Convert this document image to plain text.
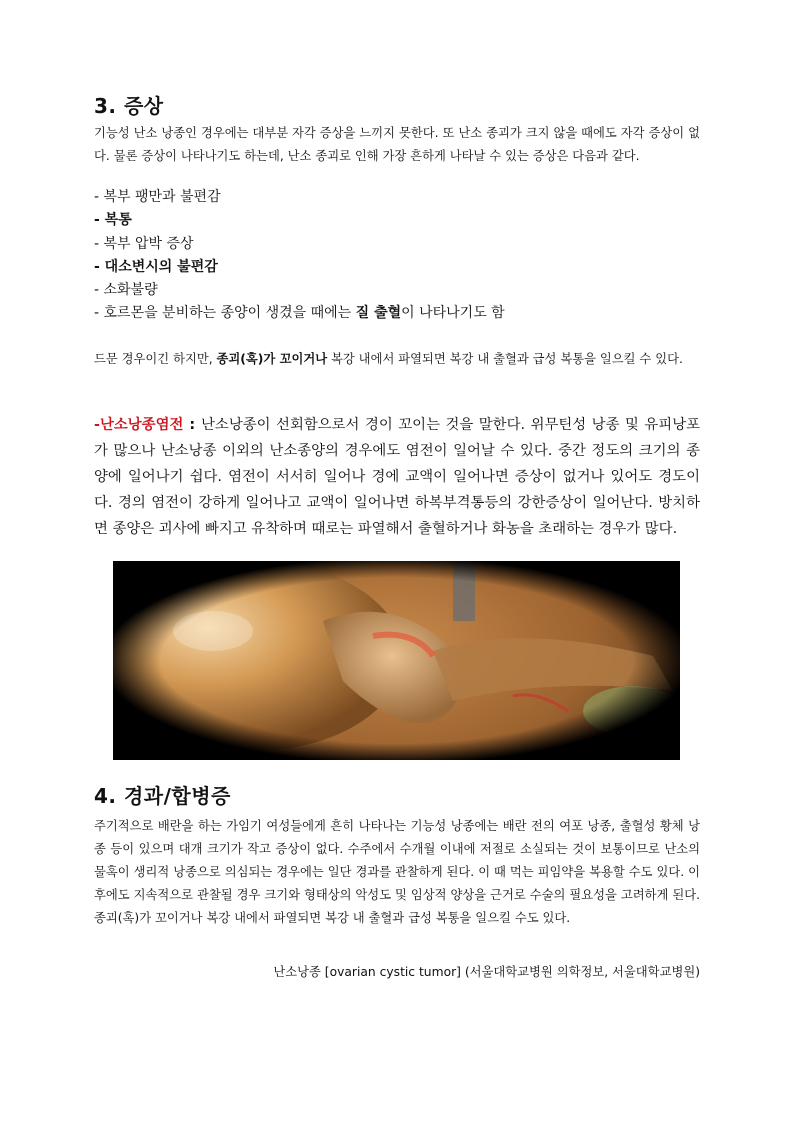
3. 증상

기능성 난소 낭종인 경우에는 대부분 자각 증상을 느끼지 못한다. 또 난소 종괴가 크지 않을 때에도 자각 증상이 없다. 물론 증상이 나타나기도 하는데, 난소 종괴로 인해 가장 흔하게 나타날 수 있는 증상은 다음과 같다.

- 복부 팽만과 불편감
- 복통
- 복부 압박 증상
- 대소변시의 불편감
- 소화불량
- 호르몬을 분비하는 종양이 생겼을 때에는 질 출혈이 나타나기도 함

드문 경우이긴 하지만, 종괴(혹)가 꼬이거나 복강 내에서 파열되면 복강 내 출혈과 급성 복통을 일으킬 수 있다.

-난소낭종염전 : 난소낭종이 선회함으로서 경이 꼬이는 것을 말한다. 위무틴성 낭종 및 유피낭포가 많으나 난소낭종 이외의 난소종양의 경우에도 염전이 일어날 수 있다. 중간 정도의 크기의 종양에 일어나기 쉽다. 염전이 서서히 일어나 경에 교액이 일어나면 증상이 없거나 있어도 경도이다. 경의 염전이 강하게 일어나고 교액이 일어나면 하복부격통등의 강한증상이 일어난다. 방치하면 종양은 괴사에 빠지고 유착하며 때로는 파열해서 출혈하거나 화농을 초래하는 경우가 많다.

4. 경과/합병증

주기적으로 배란을 하는 가임기 여성들에게 흔히 나타나는 기능성 낭종에는 배란 전의 여포 낭종, 출혈성 황체 낭종 등이 있으며 대개 크기가 작고 증상이 없다. 수주에서 수개월 이내에 저절로 소실되는 것이 보통이므로 난소의 물혹이 생리적 낭종으로 의심되는 경우에는 일단 경과를 관찰하게 된다. 이 때 먹는 피임약을 복용할 수도 있다. 이후에도 지속적으로 관찰될 경우 크기와 형태상의 악성도 및 임상적 양상을 근거로 수술의 필요성을 고려하게 된다. 종괴(혹)가 꼬이거나 복강 내에서 파열되면 복강 내 출혈과 급성 복통을 일으킬 수도 있다.

난소낭종 [ovarian cystic tumor] (서울대학교병원 의학정보, 서울대학교병원)
